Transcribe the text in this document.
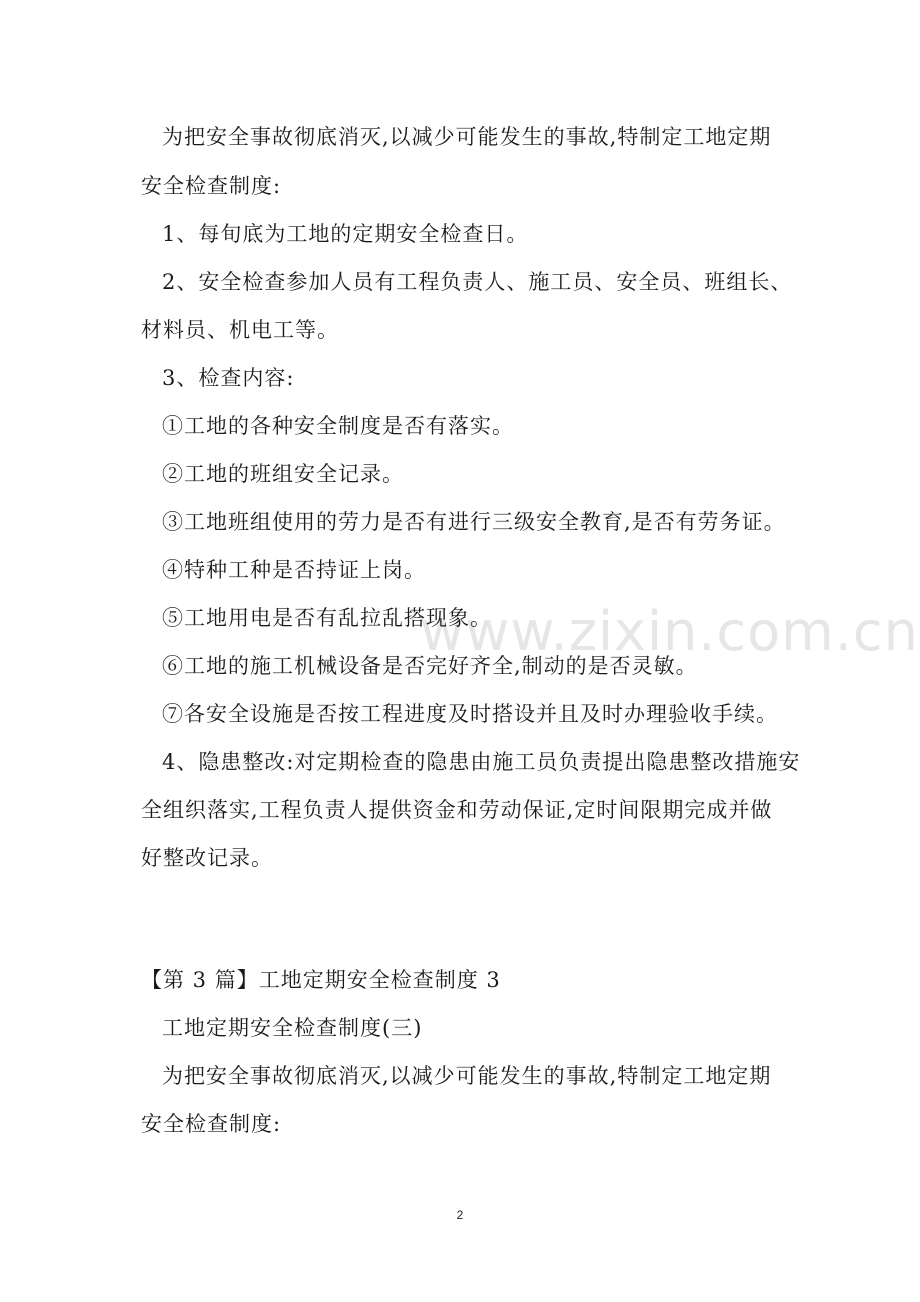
www.zixin.com.cn
为把安全事故彻底消灭,以减少可能发生的事故,特制定工地定期
安全检查制度:
1、每旬底为工地的定期安全检查日。
2、安全检查参加人员有工程负责人、施工员、安全员、班组长、
材料员、机电工等。
3、检查内容:
①工地的各种安全制度是否有落实。
②工地的班组安全记录。
③工地班组使用的劳力是否有进行三级安全教育,是否有劳务证。
④特种工种是否持证上岗。
⑤工地用电是否有乱拉乱搭现象。
⑥工地的施工机械设备是否完好齐全,制动的是否灵敏。
⑦各安全设施是否按工程进度及时搭设并且及时办理验收手续。
4、隐患整改:对定期检查的隐患由施工员负责提出隐患整改措施安
全组织落实,工程负责人提供资金和劳动保证,定时间限期完成并做
好整改记录。
【第 3 篇】工地定期安全检查制度 3
工地定期安全检查制度(三)
为把安全事故彻底消灭,以减少可能发生的事故,特制定工地定期
安全检查制度:
2
